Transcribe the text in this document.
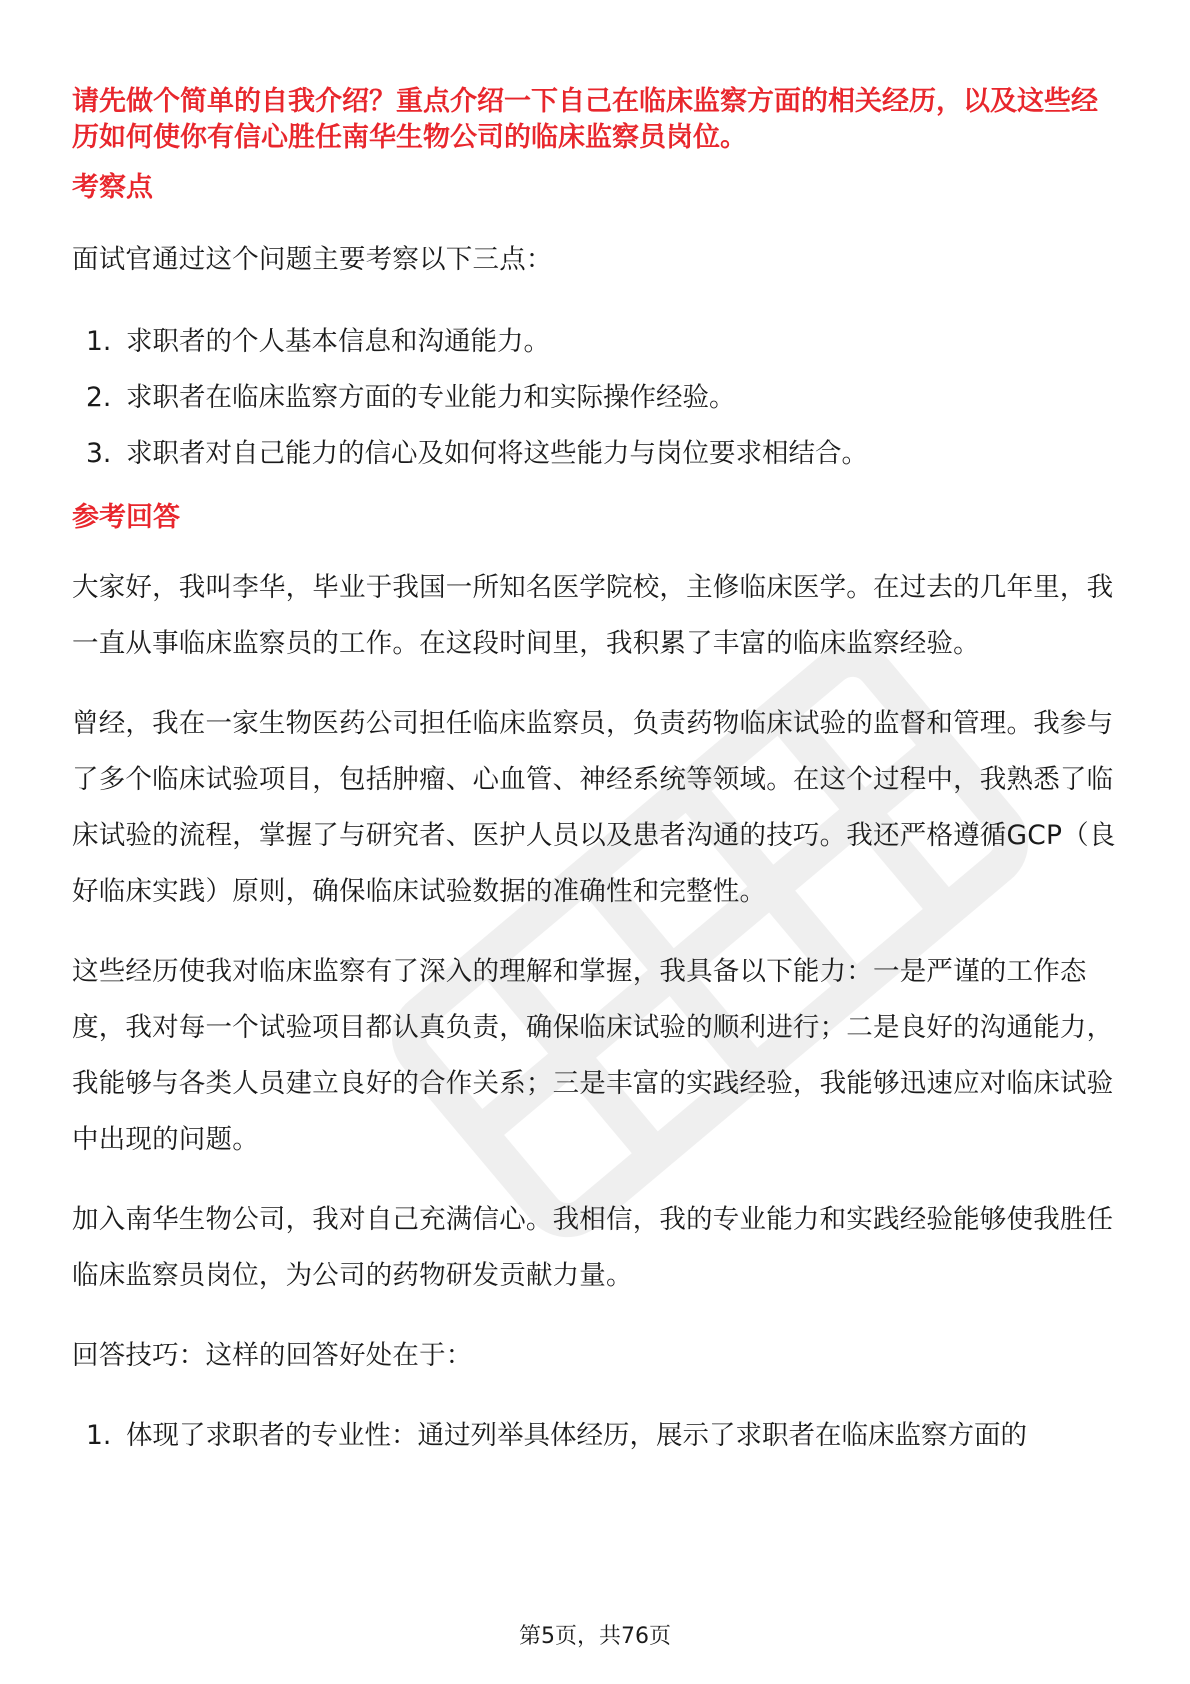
请先做个简单的自我介绍？重点介绍一下自己在临床监察方面的相关经历，以及这些经历如何使你有信心胜任南华生物公司的临床监察员岗位。

考察点

面试官通过这个问题主要考察以下三点：

1. 求职者的个人基本信息和沟通能力。
2. 求职者在临床监察方面的专业能力和实际操作经验。
3. 求职者对自己能力的信心及如何将这些能力与岗位要求相结合。

参考回答

大家好，我叫李华，毕业于我国一所知名医学院校，主修临床医学。在过去的几年里，我一直从事临床监察员的工作。在这段时间里，我积累了丰富的临床监察经验。

曾经，我在一家生物医药公司担任临床监察员，负责药物临床试验的监督和管理。我参与了多个临床试验项目，包括肿瘤、心血管、神经系统等领域。在这个过程中，我熟悉了临床试验的流程，掌握了与研究者、医护人员以及患者沟通的技巧。我还严格遵循GCP（良好临床实践）原则，确保临床试验数据的准确性和完整性。

这些经历使我对临床监察有了深入的理解和掌握，我具备以下能力：一是严谨的工作态度，我对每一个试验项目都认真负责，确保临床试验的顺利进行；二是良好的沟通能力，我能够与各类人员建立良好的合作关系；三是丰富的实践经验，我能够迅速应对临床试验中出现的问题。

加入南华生物公司，我对自己充满信心。我相信，我的专业能力和实践经验能够使我胜任临床监察员岗位，为公司的药物研发贡献力量。

回答技巧：这样的回答好处在于：

1. 体现了求职者的专业性：通过列举具体经历，展示了求职者在临床监察方面的
第5页，共76页
